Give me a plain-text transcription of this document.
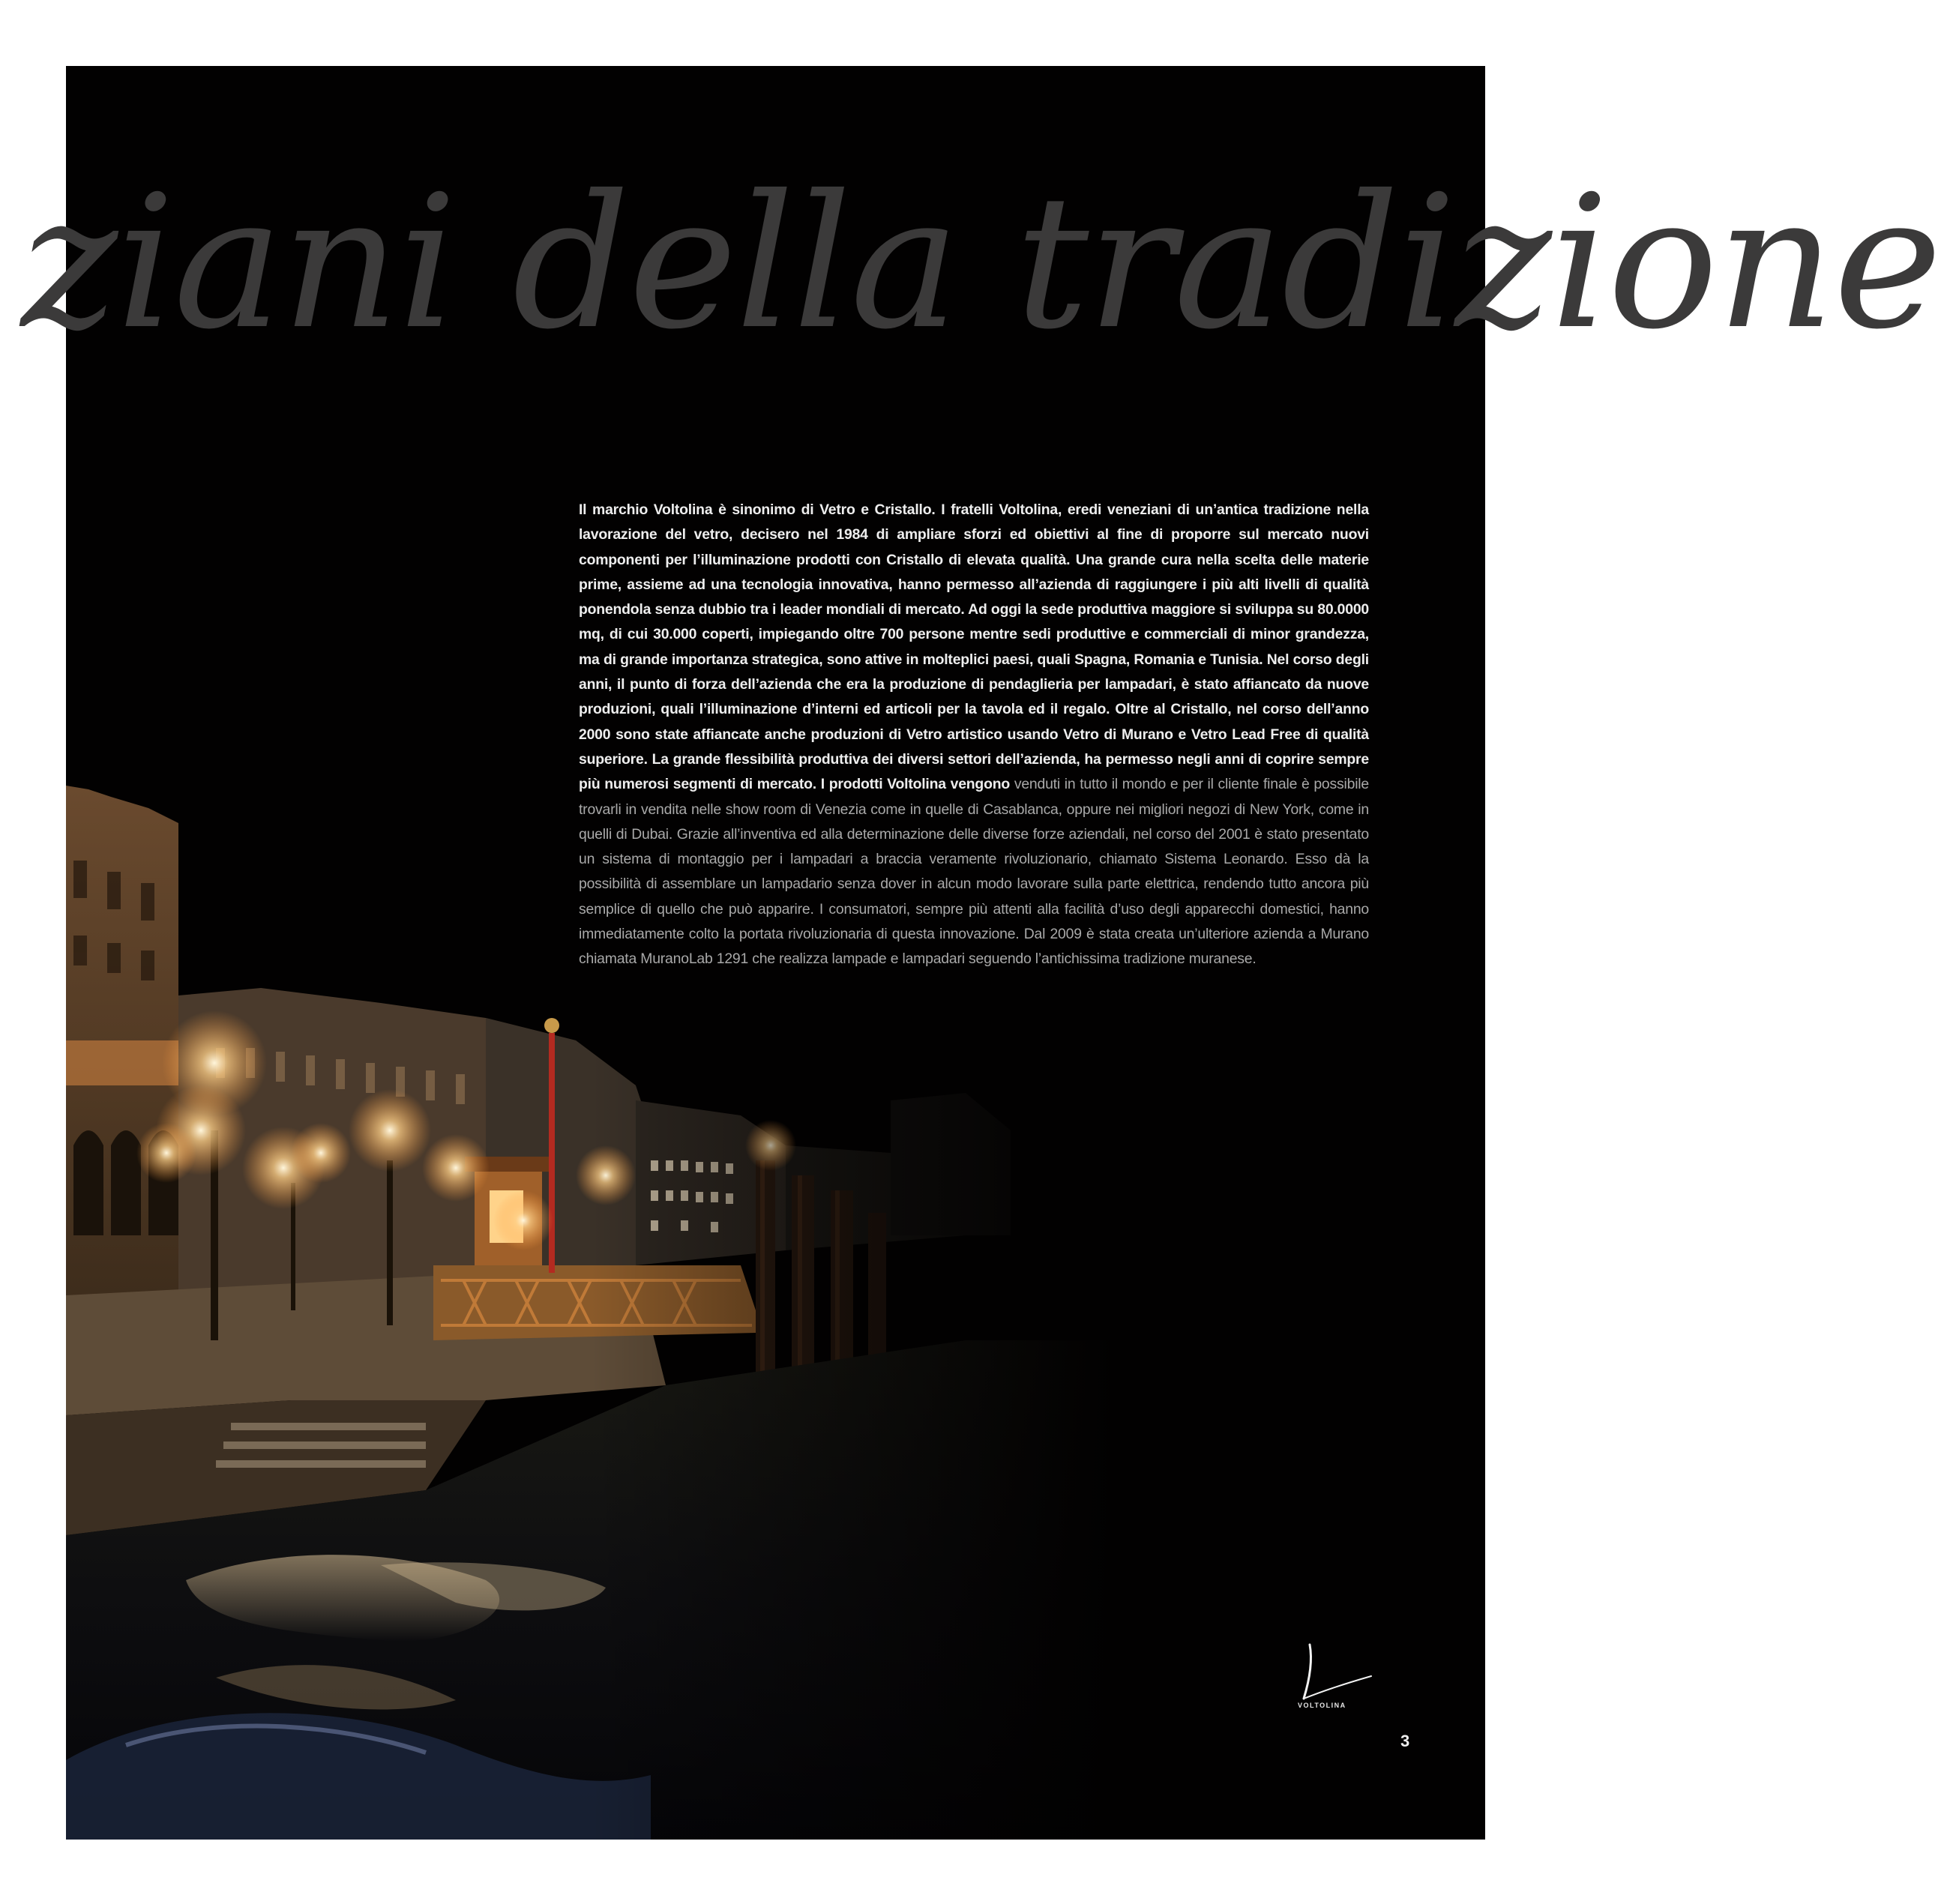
ziani della tradizione
Il marchio Voltolina è sinonimo di Vetro e Cristallo. I fratelli Voltolina, eredi veneziani di un’antica tradizione nella lavorazione del vetro, decisero nel 1984 di ampliare sforzi ed obiettivi al fine di proporre sul mercato nuovi componenti per l’illuminazione prodotti con Cristallo di elevata qualità. Una grande cura nella scelta delle materie prime, assieme ad una tecnologia innovativa, hanno permesso all’azienda di raggiungere i più alti livelli di qualità ponendola senza dubbio tra i leader mondiali di mercato. Ad oggi la sede produttiva maggiore si sviluppa su 80.0000 mq, di cui 30.000 coperti, impiegando oltre 700 persone mentre sedi produttive e commerciali di minor grandezza, ma di grande importanza strategica, sono attive in molteplici paesi, quali Spagna, Romania e Tunisia. Nel corso degli anni, il punto di forza dell’azienda che era la produzione di pendaglieria per lampadari, è stato affiancato da nuove produzioni, quali l’illuminazione d’interni ed articoli per la tavola ed il regalo. Oltre al Cristallo, nel corso dell’anno 2000 sono state affiancate anche produzioni di Vetro artistico usando Vetro di Murano e Vetro Lead Free di qualità superiore. La grande flessibilità produttiva dei diversi settori dell’azienda, ha permesso negli anni di coprire sempre più numerosi segmenti di mercato. I prodotti Voltolina vengono venduti in tutto il mondo e per il cliente finale è possibile trovarli in vendita nelle show room di Venezia come in quelle di Casablanca, oppure nei migliori negozi di New York, come in quelli di Dubai. Grazie all’inventiva ed alla determinazione delle diverse forze aziendali, nel corso del 2001 è stato presentato un sistema di montaggio per i lampadari a braccia veramente rivoluzionario, chiamato Sistema Leonardo. Esso dà la possibilità di assemblare un lampadario senza dover in alcun modo lavorare sulla parte elettrica, rendendo tutto ancora più semplice di quello che può apparire. I consumatori, sempre più attenti alla facilità d’uso degli apparecchi domestici, hanno immediatamente colto la portata rivoluzionaria di questa innovazione. Dal 2009 è stata creata un’ulteriore azienda a Murano chiamata MuranoLab 1291 che realizza lampade e lampadari seguendo l’antichissima tradizione muranese.
VOLTOLINA
3
